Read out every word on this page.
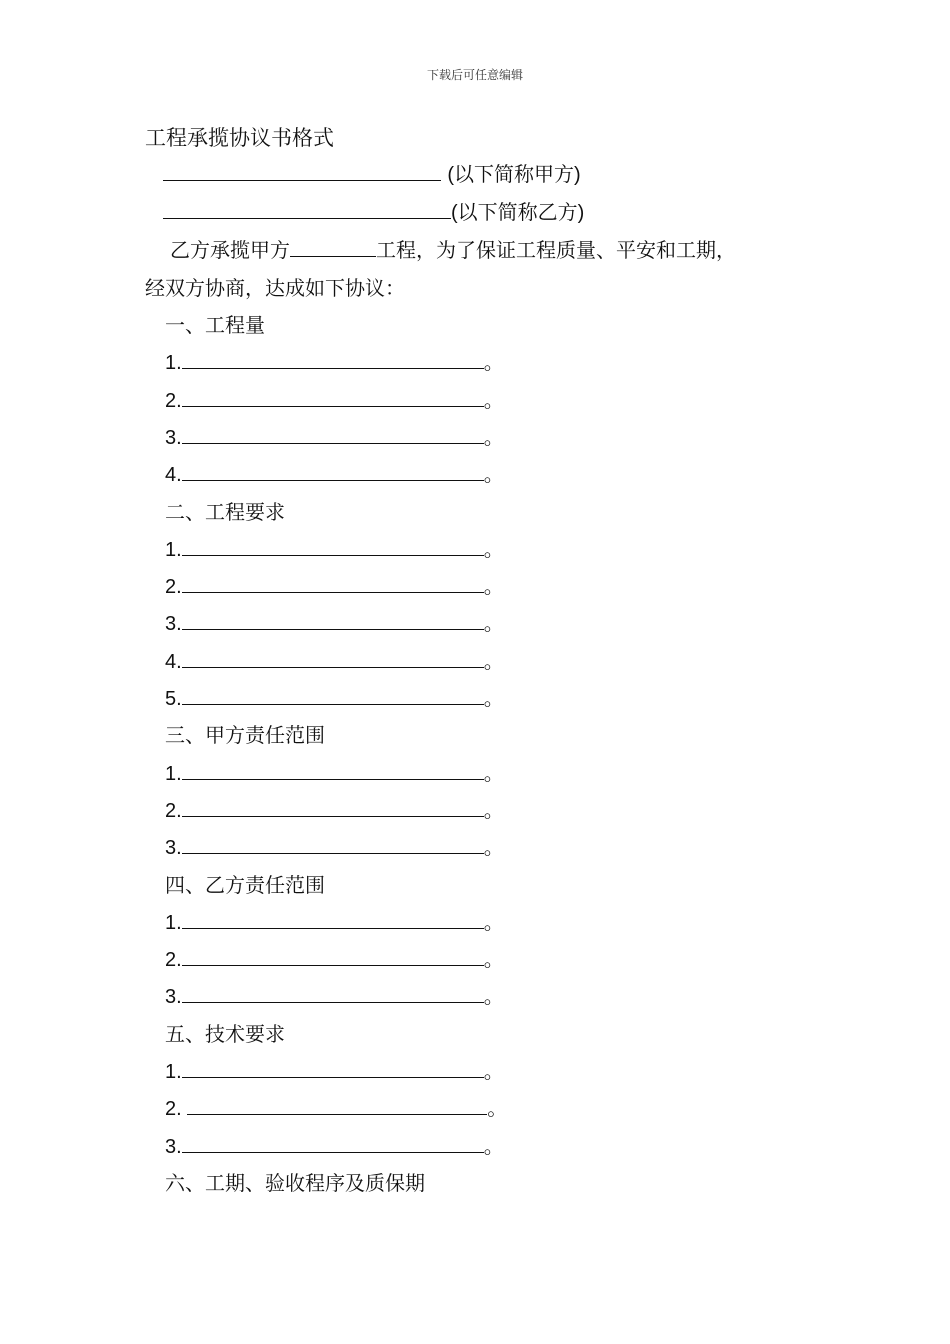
下载后可任意编辑
工程承揽协议书格式
(以下简称甲方)
(以下简称乙方)
乙方承揽甲方	工程，为了保证工程质量、平安和工期，
经双方协商，达成如下协议：
一、工程量
1.	。
2.	。
3.	。
4.	。
二、工程要求
1.	。
2.	。
3.	。
4.	。
5.	。
三、甲方责任范围
1.	。
2.	。
3.	。
四、乙方责任范围
1.	。
2.	。
3.	。
五、技术要求
1.	。
2.	。
3.	。
六、工期、验收程序及质保期
